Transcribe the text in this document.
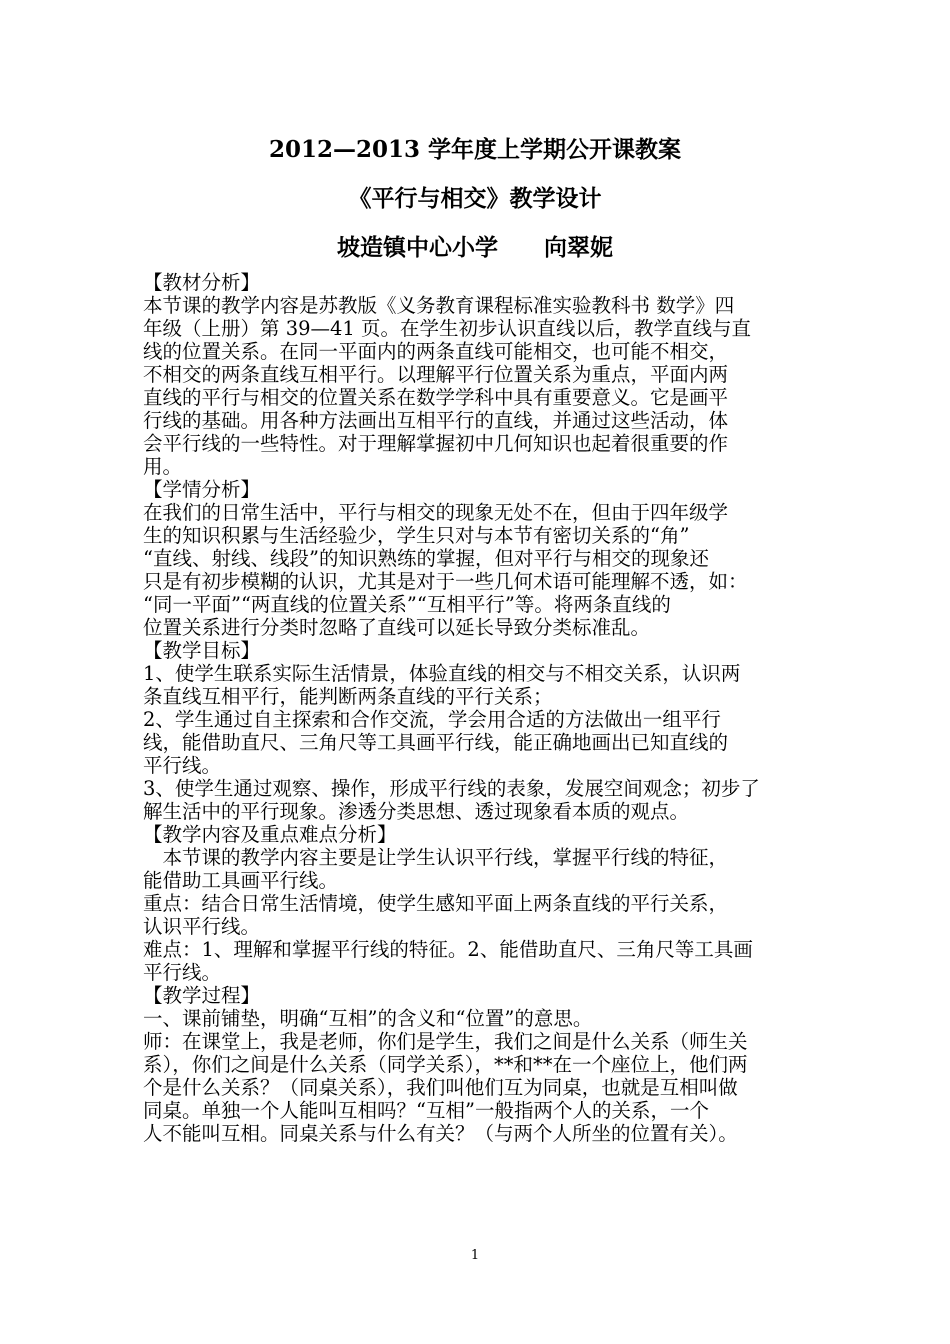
2012—2013 学年度上学期公开课教案
《平行与相交》教学设计
坡造镇中心小学　　向翠妮
【教材分析】
本节课的教学内容是苏教版《义务教育课程标准实验教科书 数学》四
年级（上册）第 39—41 页。在学生初步认识直线以后，教学直线与直
线的位置关系。在同一平面内的两条直线可能相交，也可能不相交，
不相交的两条直线互相平行。以理解平行位置关系为重点，平面内两
直线的平行与相交的位置关系在数学学科中具有重要意义。它是画平
行线的基础。用各种方法画出互相平行的直线，并通过这些活动，体
会平行线的一些特性。对于理解掌握初中几何知识也起着很重要的作
用。
【学情分析】
在我们的日常生活中，平行与相交的现象无处不在，但由于四年级学
生的知识积累与生活经验少，学生只对与本节有密切关系的“角”
“直线、射线、线段”的知识熟练的掌握，但对平行与相交的现象还
只是有初步模糊的认识，尤其是对于一些几何术语可能理解不透，如：
“同一平面”“两直线的位置关系”“互相平行”等。将两条直线的
位置关系进行分类时忽略了直线可以延长导致分类标准乱。
【教学目标】
1、使学生联系实际生活情景，体验直线的相交与不相交关系，认识两
条直线互相平行，能判断两条直线的平行关系；
2、学生通过自主探索和合作交流，学会用合适的方法做出一组平行
线，能借助直尺、三角尺等工具画平行线，能正确地画出已知直线的
平行线。
3、使学生通过观察、操作，形成平行线的表象，发展空间观念；初步了
解生活中的平行现象。渗透分类思想、透过现象看本质的观点。
【教学内容及重点难点分析】
　本节课的教学内容主要是让学生认识平行线，掌握平行线的特征，
能借助工具画平行线。
重点：结合日常生活情境，使学生感知平面上两条直线的平行关系，
认识平行线。
难点：1、理解和掌握平行线的特征。2、能借助直尺、三角尺等工具画
平行线。
【教学过程】
一、课前铺垫，明确“互相”的含义和“位置”的意思。
师：在课堂上，我是老师，你们是学生，我们之间是什么关系（师生关
系），你们之间是什么关系（同学关系），**和**在一个座位上，他们两
个是什么关系？（同桌关系），我们叫他们互为同桌，也就是互相叫做
同桌。单独一个人能叫互相吗？“互相”一般指两个人的关系，一个
人不能叫互相。同桌关系与什么有关？（与两个人所坐的位置有关）。
1
